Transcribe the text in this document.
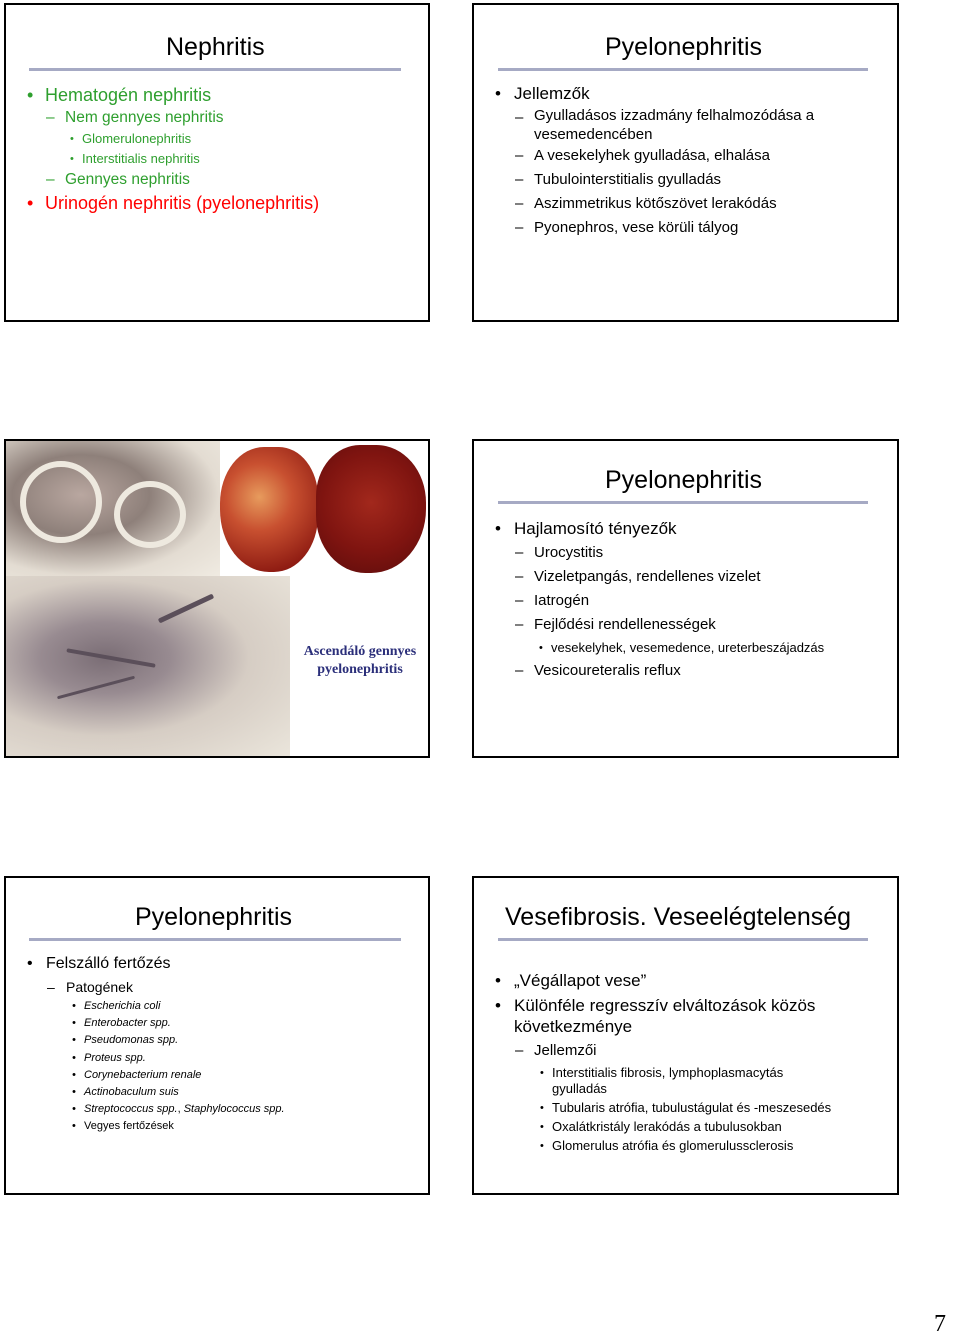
Nephritis
• Hematogén nephritis
– Nem gennyes nephritis
• Glomerulonephritis
• Interstitialis nephritis
– Gennyes nephritis
• Urinogén nephritis (pyelonephritis)
Pyelonephritis
• Jellemzők
– Gyulladásos izzadmány felhalmozódása a
vesemedencében
– A vesekelyhek gyulladása, elhalása
– Tubulointerstitialis gyulladás
– Aszimmetrikus kötőszövet lerakódás
– Pyonephros, vese körüli tályog
Ascendáló gennyes
pyelonephritis
Pyelonephritis
• Hajlamosító tényezők
– Urocystitis
– Vizeletpangás, rendellenes vizelet
– Iatrogén
– Fejlődési rendellenességek
• vesekelyhek, vesemedence, ureterbeszájadzás
– Vesicoureteralis reflux
Pyelonephritis
• Felszálló fertőzés
– Patogének
• Escherichia coli
• Enterobacter spp.
• Pseudomonas spp.
• Proteus spp.
• Corynebacterium renale
• Actinobaculum suis
• Streptococcus spp., Staphylococcus spp.
• Vegyes fertőzések
Vesefibrosis. Veseelégtelenség
• „Végállapot vese”
• Különféle regresszív elváltozások közös
következménye
– Jellemzői
• Interstitialis fibrosis, lymphoplasmacytás
gyulladás
• Tubularis atrófia, tubulustágulat és -meszesedés
• Oxalátkristály lerakódás a tubulusokban
• Glomerulus atrófia és glomerulussclerosis
7
